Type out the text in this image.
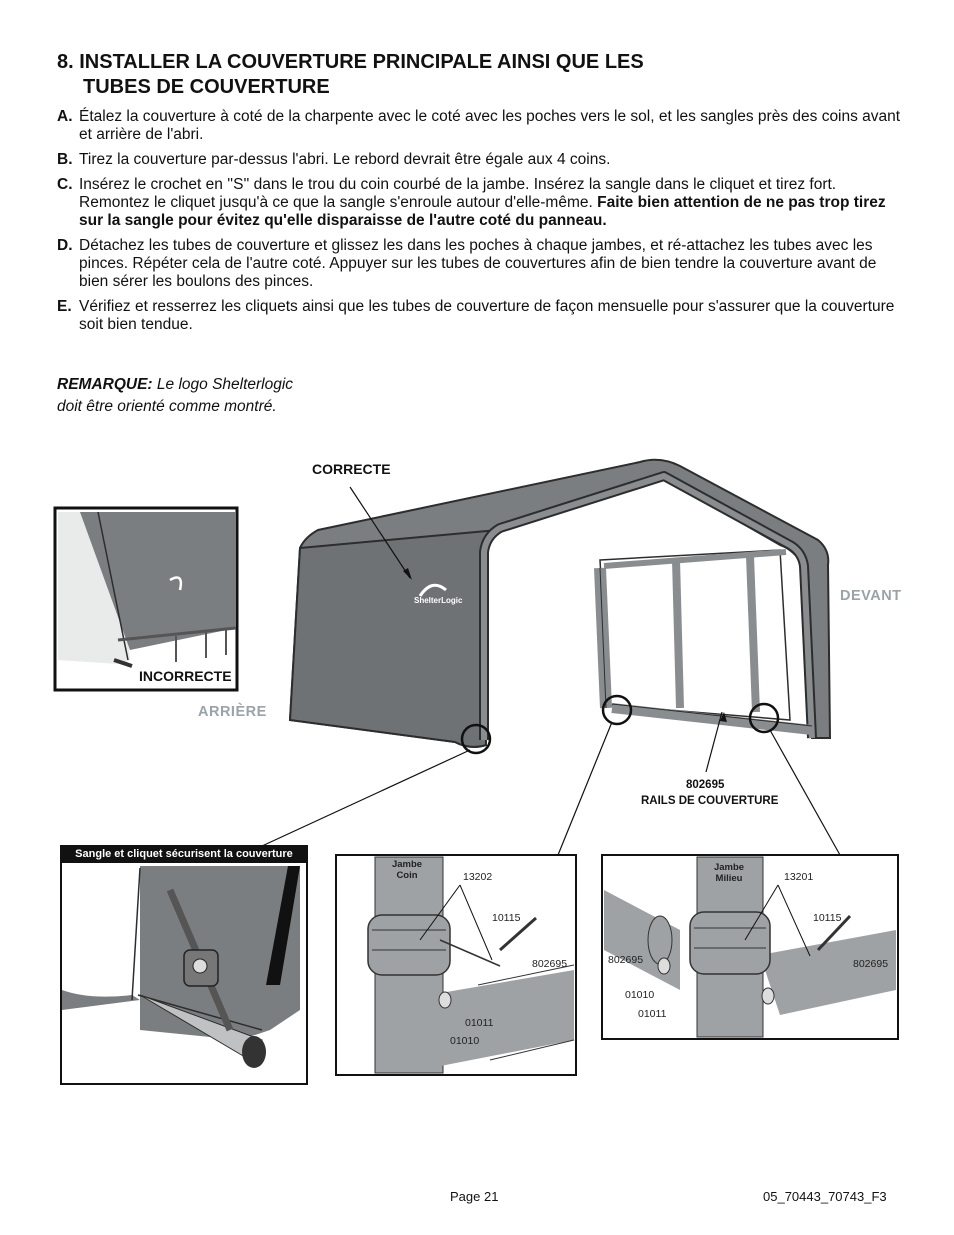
8. INSTALLER LA COUVERTURE PRINCIPALE AINSI QUE LES
TUBES DE COUVERTURE
A. Étalez la couverture à coté de la charpente avec le coté avec les poches vers le sol, et les sangles près des coins avant et arrière de l'abri.
B. Tirez la couverture par-dessus l'abri. Le rebord devrait être égale aux 4 coins.
C. Insérez le crochet en ''S'' dans le trou du coin courbé de la jambe. Insérez la sangle dans le cliquet et tirez fort. Remontez le cliquet jusqu'à ce que la sangle s'enroule autour d'elle-même. Faite bien attention de ne pas trop tirez sur la sangle pour évitez qu'elle disparaisse de l'autre coté du panneau.
D. Détachez les tubes de couverture et glissez les dans les poches à chaque jambes, et ré-attachez les tubes avec les pinces. Répéter cela de l'autre coté. Appuyer sur les tubes de couvertures afin de bien tendre la couverture avant de bien sérer les boulons des pinces.
E. Vérifiez et resserrez les cliquets ainsi que les tubes de couverture de façon mensuelle pour s'assurer que la couverture soit bien tendue.
REMARQUE: Le logo Shelterlogic
doit être orienté comme montré.
CORRECTE
INCORRECTE
DEVANT
ARRIÈRE
ShelterLogic
802695
RAILS DE COUVERTURE
Sangle et cliquet sécurisent la couverture
Jambe
Coin	13202
10115
802695
01011
01010
Jambe
Milieu	13201
10115
802695
802695
01010
01011
Page 21	05_70443_70743_F3
